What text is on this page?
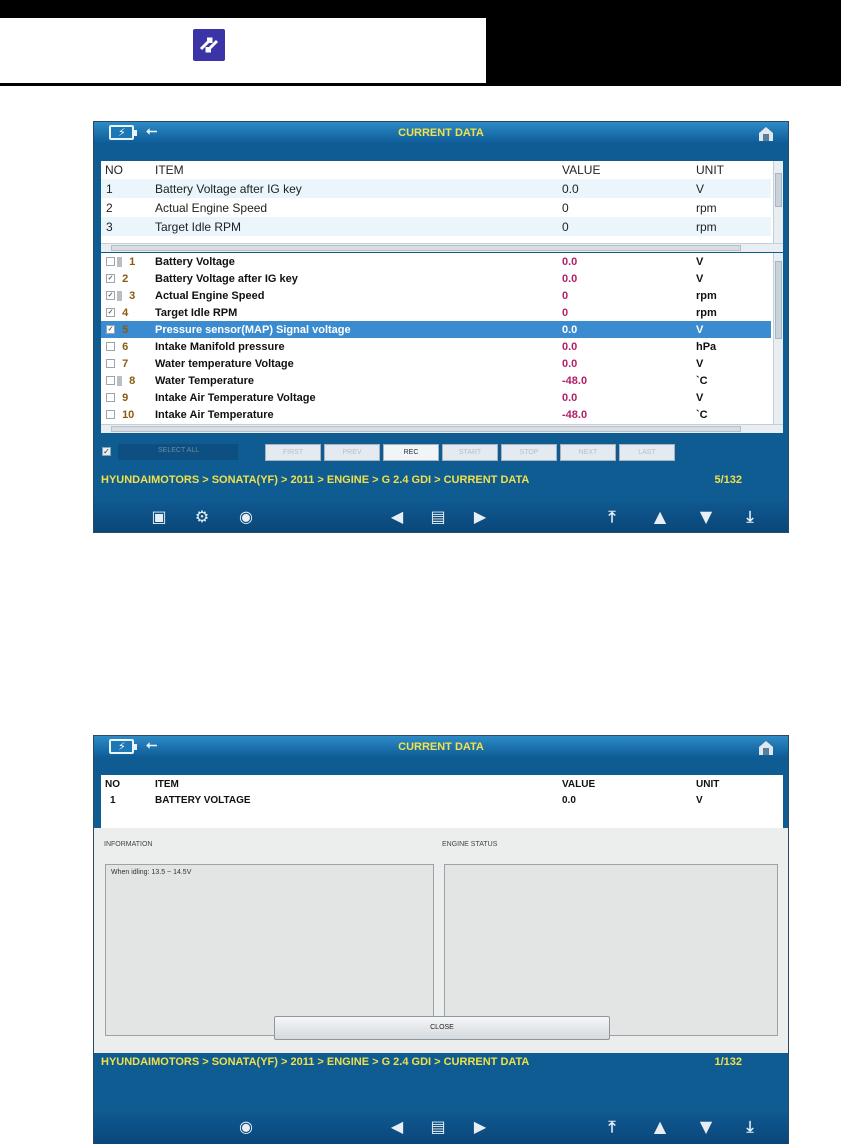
⚡ ⭠	CURRENT DATA
NO	ITEM	VALUE	UNIT
1	Battery Voltage after IG key	0.0	V
2	Actual Engine Speed	0	rpm
3	Target Idle RPM	0	rpm
1	Battery Voltage	0.0	V
✓ 2	Battery Voltage after IG key	0.0	V
✓ 3	Actual Engine Speed	0	rpm
✓ 4	Target Idle RPM	0	rpm
✓ 5	Pressure sensor(MAP) Signal voltage	0.0	V
6	Intake Manifold pressure	0.0	hPa
7	Water temperature Voltage	0.0	V
8	Water Temperature	-48.0	`C
9	Intake Air Temperature Voltage	0.0	V
10	Intake Air Temperature	-48.0	`C
✓	SELECT ALL	FIRST	PREV	REC	START	STOP	NEXT	LAST
HYUNDAIMOTORS > SONATA(YF) > 2011 > ENGINE > G 2.4 GDI > CURRENT DATA	5/132
▣ ⚙ ◉	◀ ▤ ▶	⤒	▲ ▼	⤓
⚡ ⭠	CURRENT DATA
NO	ITEM	VALUE	UNIT
1	BATTERY VOLTAGE	0.0	V
INFORMATION	ENGINE STATUS
When idling: 13.5 ~ 14.5V
CLOSE
HYUNDAIMOTORS > SONATA(YF) > 2011 > ENGINE > G 2.4 GDI > CURRENT DATA	1/132
◉	◀ ▤ ▶	⤒	▲ ▼	⤓
